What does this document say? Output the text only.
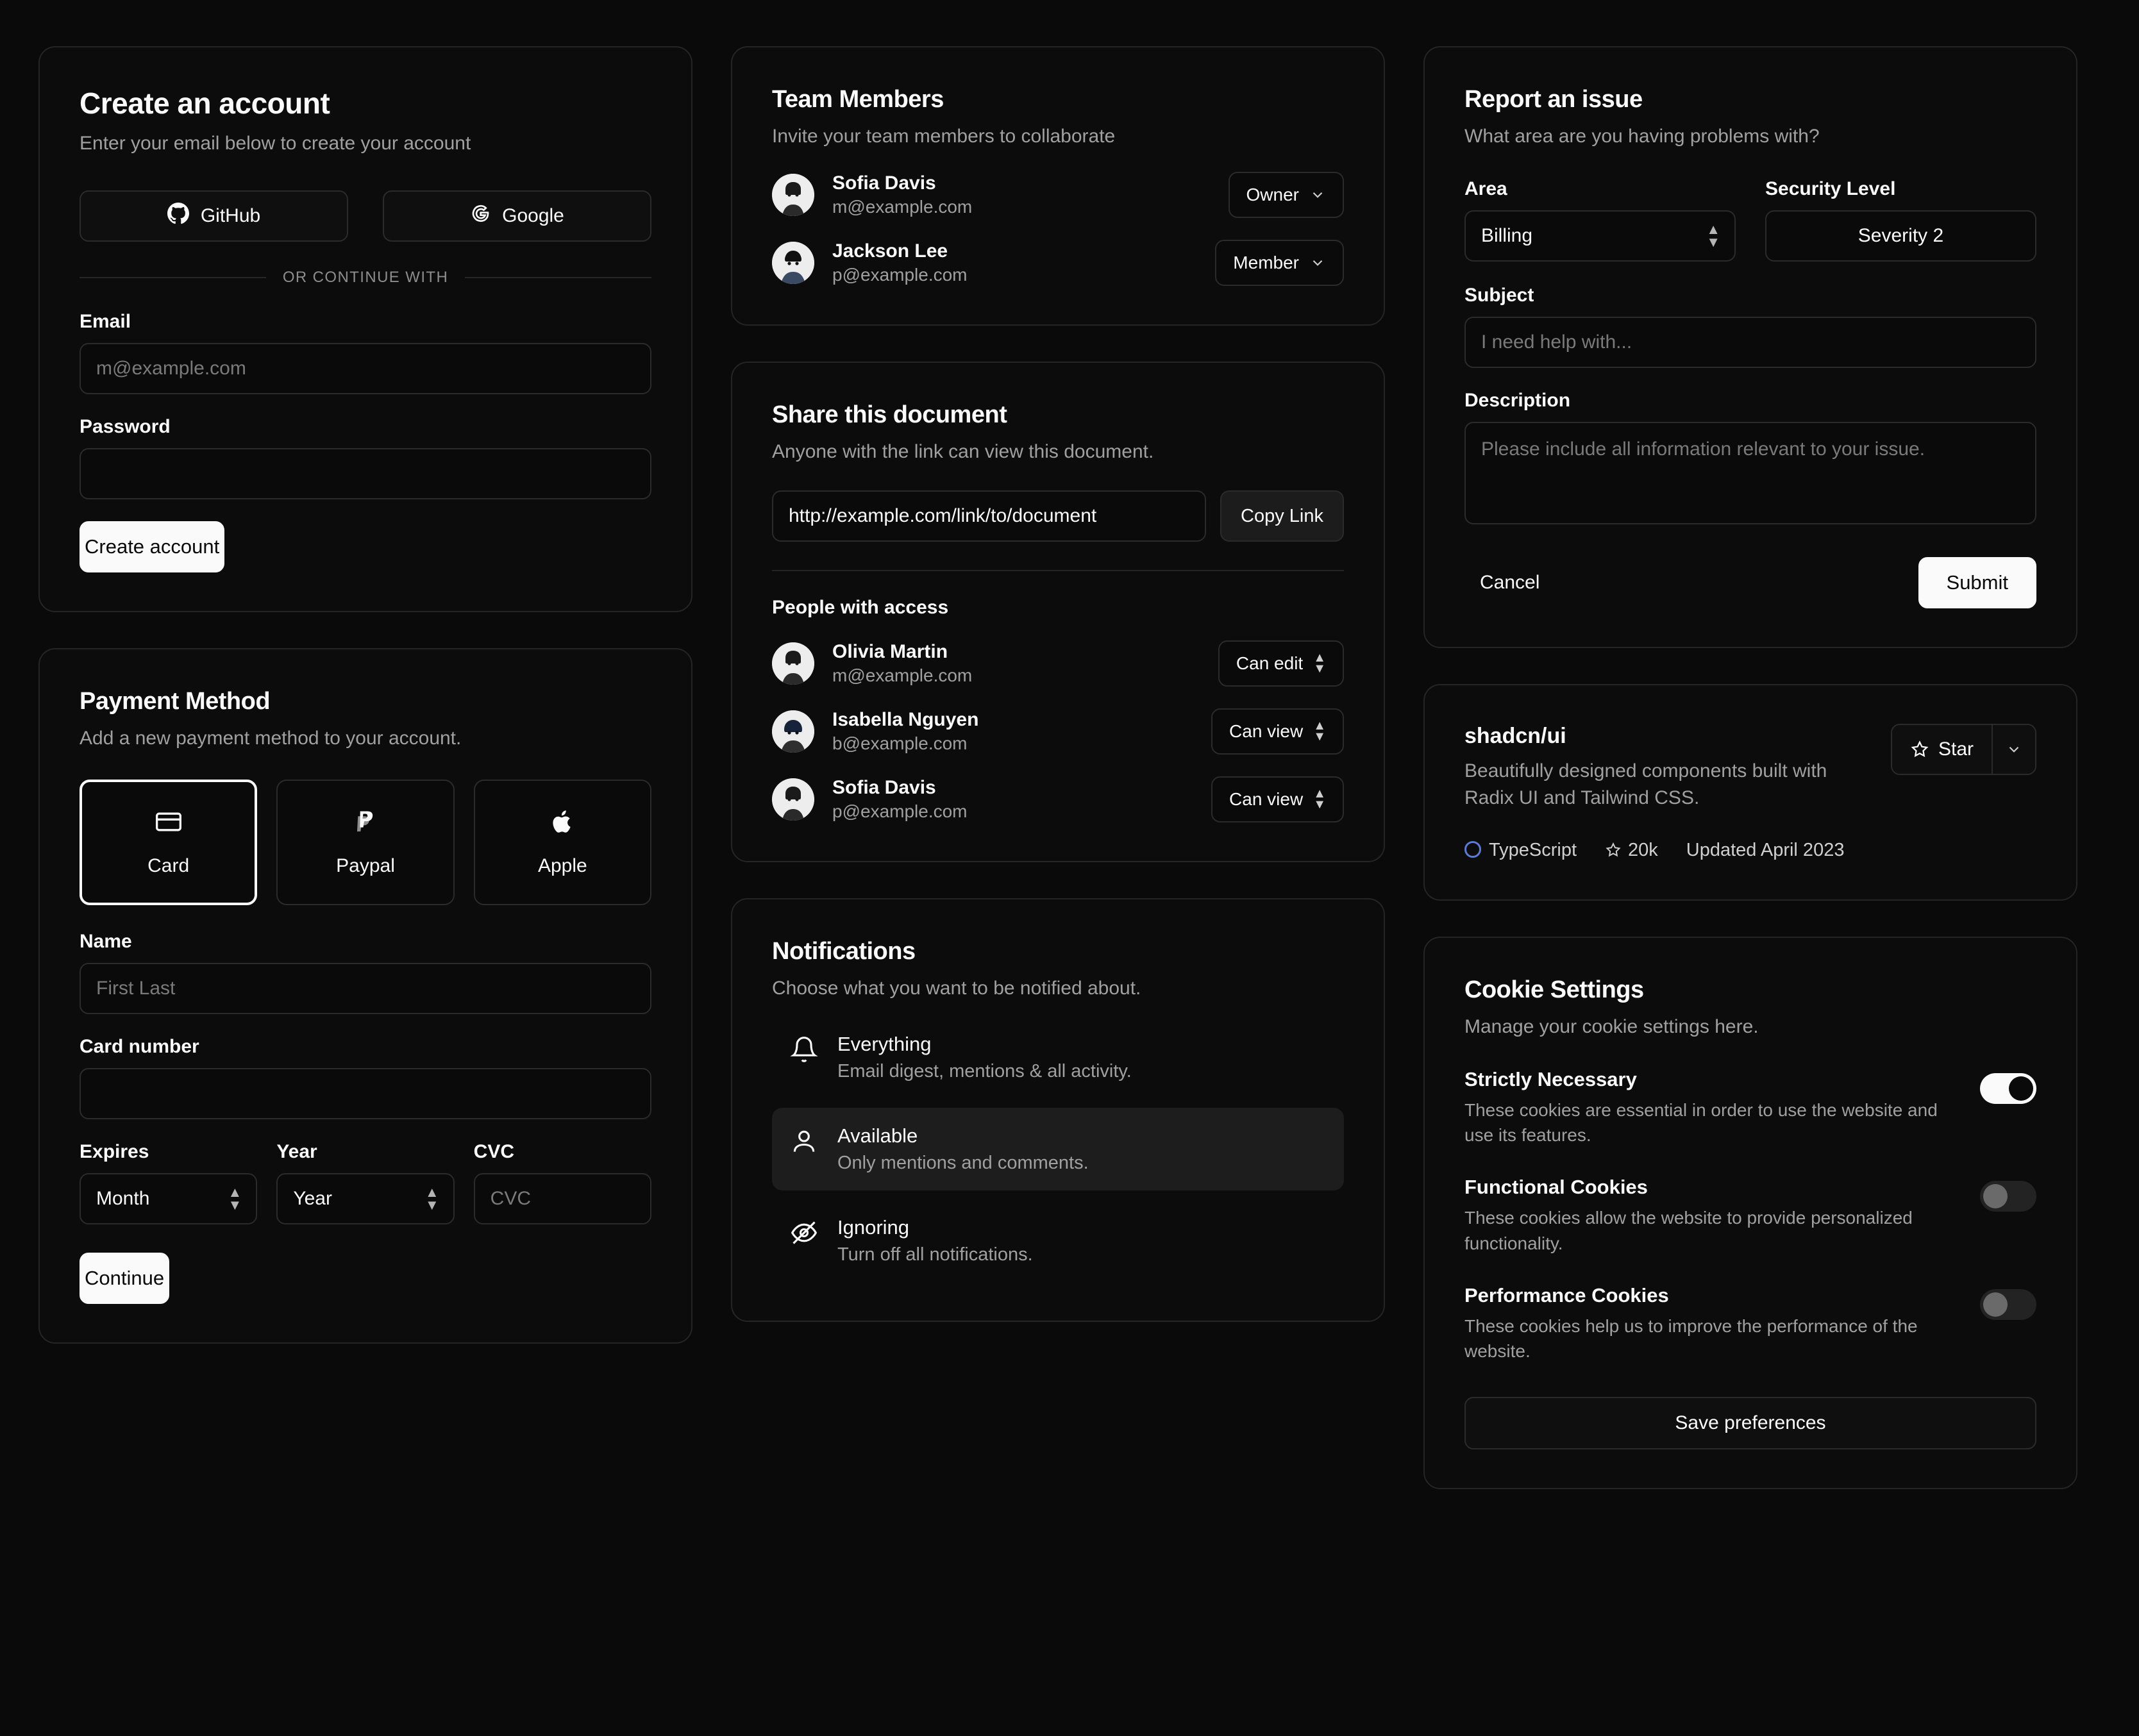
Create an account

Enter your email below to create your account

GitHub	Google
OR CONTINUE WITH
Email
m@example.com
Password
Create account
Payment Method

Add a new payment method to your account.

Card	Paypal	Apple
Name
First Last
Card number
Expires
Month	▲
▼
Year
Year	▲
▼
CVC
CVC
Continue
Team Members

Invite your team members to collaborate

Sofia Davis
m@example.com
Owner
Jackson Lee
p@example.com
Member
Share this document

Anyone with the link can view this document.

http://example.com/link/to/document
Copy Link
People with access
Olivia Martin
m@example.com
Can edit ▲
▼
Isabella Nguyen
b@example.com
Can view ▲
▼
Sofia Davis
p@example.com
Can view ▲
▼
Notifications

Choose what you want to be notified about.

Everything
Email digest, mentions & all activity.
Available
Only mentions and comments.
Ignoring
Turn off all notifications.
Report an issue

What area are you having problems with?

Area
Billing	▲
▼
Security Level
Severity 2
Subject
I need help with...
Description
Please include all information relevant to your issue.
Cancel	Submit
shadcn/ui
Beautifully designed components built with Radix UI and Tailwind CSS.
Star
TypeScript	20k Updated April 2023
Cookie Settings

Manage your cookie settings here.

Strictly Necessary
These cookies are essential in order to use the website and use its features.
Functional Cookies
These cookies allow the website to provide personalized functionality.
Performance Cookies
These cookies help us to improve the performance of the website.
Save preferences
